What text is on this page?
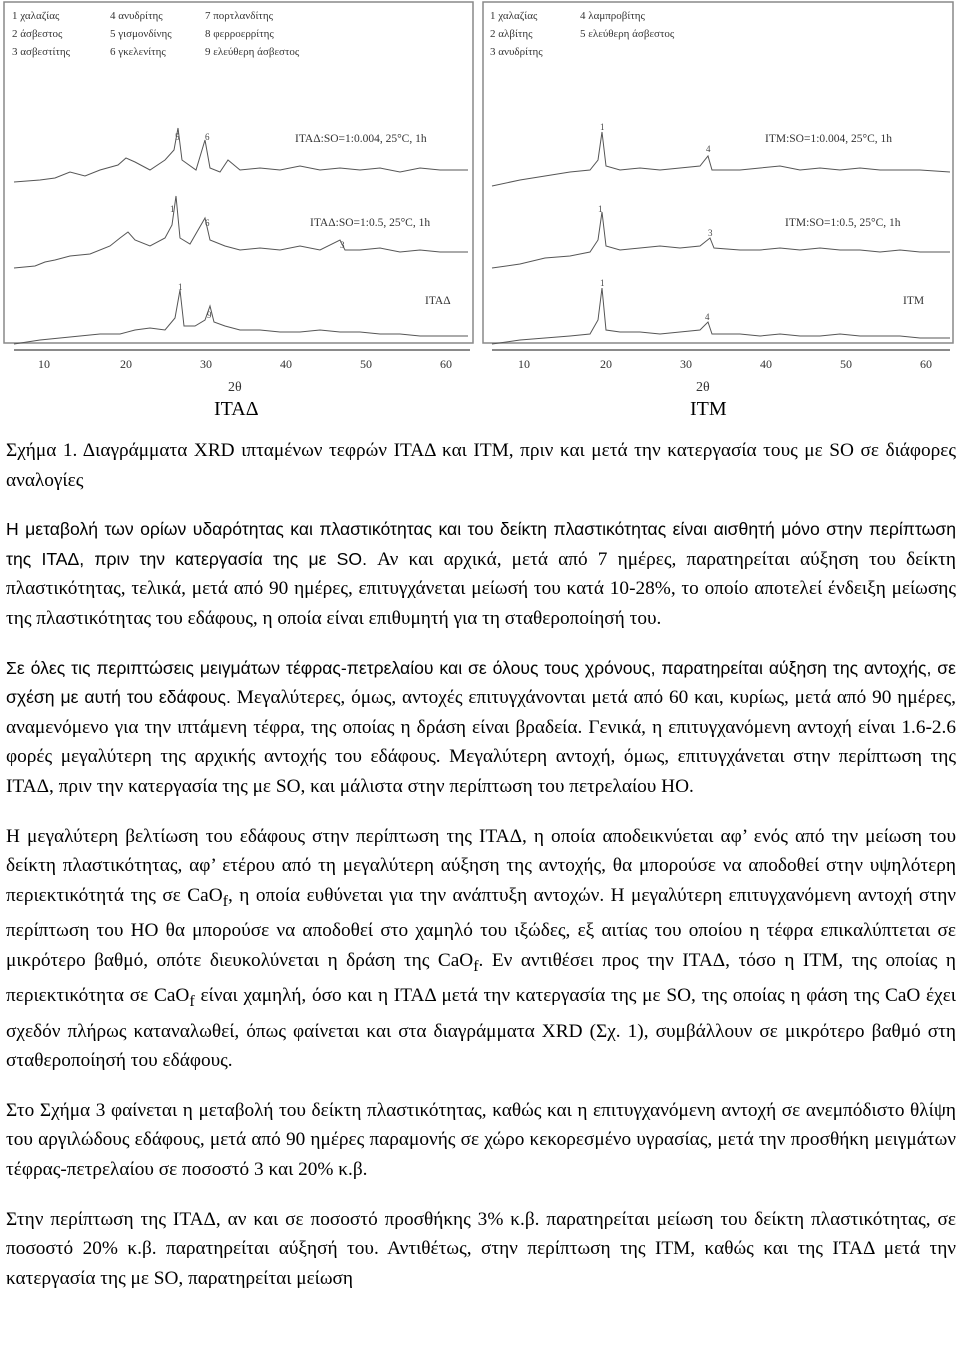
1 χαλαζίας
2 άσβεστος
3 ασβεστίτης
4 ανυδρίτης
5 γισμονδίνης
6 γκελενίτης
7 πορτλανδίτης
8 φερροερρίτης
9 ελεύθερη άσβεστος
ΙΤΑΔ:SO=1:0.004, 25°C, 1h
ΙΤΑΔ:SO=1:0.5, 25°C, 1h
ΙΤΑΔ
5	6
1
6
1
9
3
10	20	30	40	50	60
2θ
1 χαλαζίας
2 αλβίτης
3 ανυδρίτης
4 λαμπροβίτης
5 ελεύθερη άσβεστος
ΙΤΜ:SO=1:0.004, 25°C, 1h
ΙΤΜ:SO=1:0.5, 25°C, 1h
ΙΤΜ
1
4
1
3
1
4
10	20	30	40	50	60
2θ
ΙΤΑΔ	ΙΤΜ

Σχήμα 1. Διαγράμματα XRD ιπταμένων τεφρών ΙΤΑΔ και ΙΤΜ, πριν και μετά την κατεργασία τους με SO σε διάφορες αναλογίες

Η μεταβολή των ορίων υδαρότητας και πλαστικότητας και του δείκτη πλαστικότητας είναι αισθητή μόνο στην περίπτωση της ΙΤΑΔ, πριν την κατεργασία της με SO. Αν και αρχικά, μετά από 7 ημέρες, παρατηρείται αύξηση του δείκτη πλαστικότητας, τελικά, μετά από 90 ημέρες, επιτυγχάνεται μείωσή του κατά 10-28%, το οποίο αποτελεί ένδειξη μείωσης της πλαστικότητας του εδάφους, η οποία είναι επιθυμητή για τη σταθεροποίησή του.

Σε όλες τις περιπτώσεις μειγμάτων τέφρας-πετρελαίου και σε όλους τους χρόνους, παρατηρείται αύξηση της αντοχής, σε σχέση με αυτή του εδάφους. Μεγαλύτερες, όμως, αντοχές επιτυγχάνονται μετά από 60 και, κυρίως, μετά από 90 ημέρες, αναμενόμενο για την ιπτάμενη τέφρα, της οποίας η δράση είναι βραδεία. Γενικά, η επιτυγχανόμενη αντοχή είναι 1.6-2.6 φορές μεγαλύτερη της αρχικής αντοχής του εδάφους. Μεγαλύτερη αντοχή, όμως, επιτυγχάνεται στην περίπτωση της ΙΤΑΔ, πριν την κατεργασία της με SO, και μάλιστα στην περίπτωση του πετρελαίου ΗΟ.

Η μεγαλύτερη βελτίωση του εδάφους στην περίπτωση της ΙΤΑΔ, η οποία αποδεικνύεται αφ’ ενός από την μείωση του δείκτη πλαστικότητας, αφ’ ετέρου από τη μεγαλύτερη αύξηση της αντοχής, θα μπορούσε να αποδοθεί στην υψηλότερη περιεκτικότητά της σε CaO$_f$, η οποία ευθύνεται για την ανάπτυξη αντοχών. Η μεγαλύτερη επιτυγχανόμενη αντοχή στην περίπτωση του ΗΟ θα μπορούσε να αποδοθεί στο χαμηλό του ιξώδες, εξ αιτίας του οποίου η τέφρα επικαλύπτεται σε μικρότερο βαθμό, οπότε διευκολύνεται η δράση της CaO$_f$. Εν αντιθέσει προς την ΙΤΑΔ, τόσο η ΙΤΜ, της οποίας η περιεκτικότητα σε CaO$_f$ είναι χαμηλή, όσο και η ΙΤΑΔ μετά την κατεργασία της με SO, της οποίας η φάση της CaO έχει σχεδόν πλήρως καταναλωθεί, όπως φαίνεται και στα διαγράμματα XRD (Σχ. 1), συμβάλλουν σε μικρότερο βαθμό στη σταθεροποίησή του εδάφους.

Στο Σχήμα 3 φαίνεται η μεταβολή του δείκτη πλαστικότητας, καθώς και η επιτυγχανόμενη αντοχή σε ανεμπόδιστο θλίψη του αργιλώδους εδάφους, μετά από 90 ημέρες παραμονής σε χώρο κεκορεσμένο υγρασίας, μετά την προσθήκη μειγμάτων τέφρας-πετρελαίου σε ποσοστό 3 και 20% κ.β.

Στην περίπτωση της ΙΤΑΔ, αν και σε ποσοστό προσθήκης 3% κ.β. παρατηρείται μείωση του δείκτη πλαστικότητας, σε ποσοστό 20% κ.β. παρατηρείται αύξησή του. Αντιθέτως, στην περίπτωση της ΙΤΜ, καθώς και της ΙΤΑΔ μετά την κατεργασία της με SO, παρατηρείται μείωση
